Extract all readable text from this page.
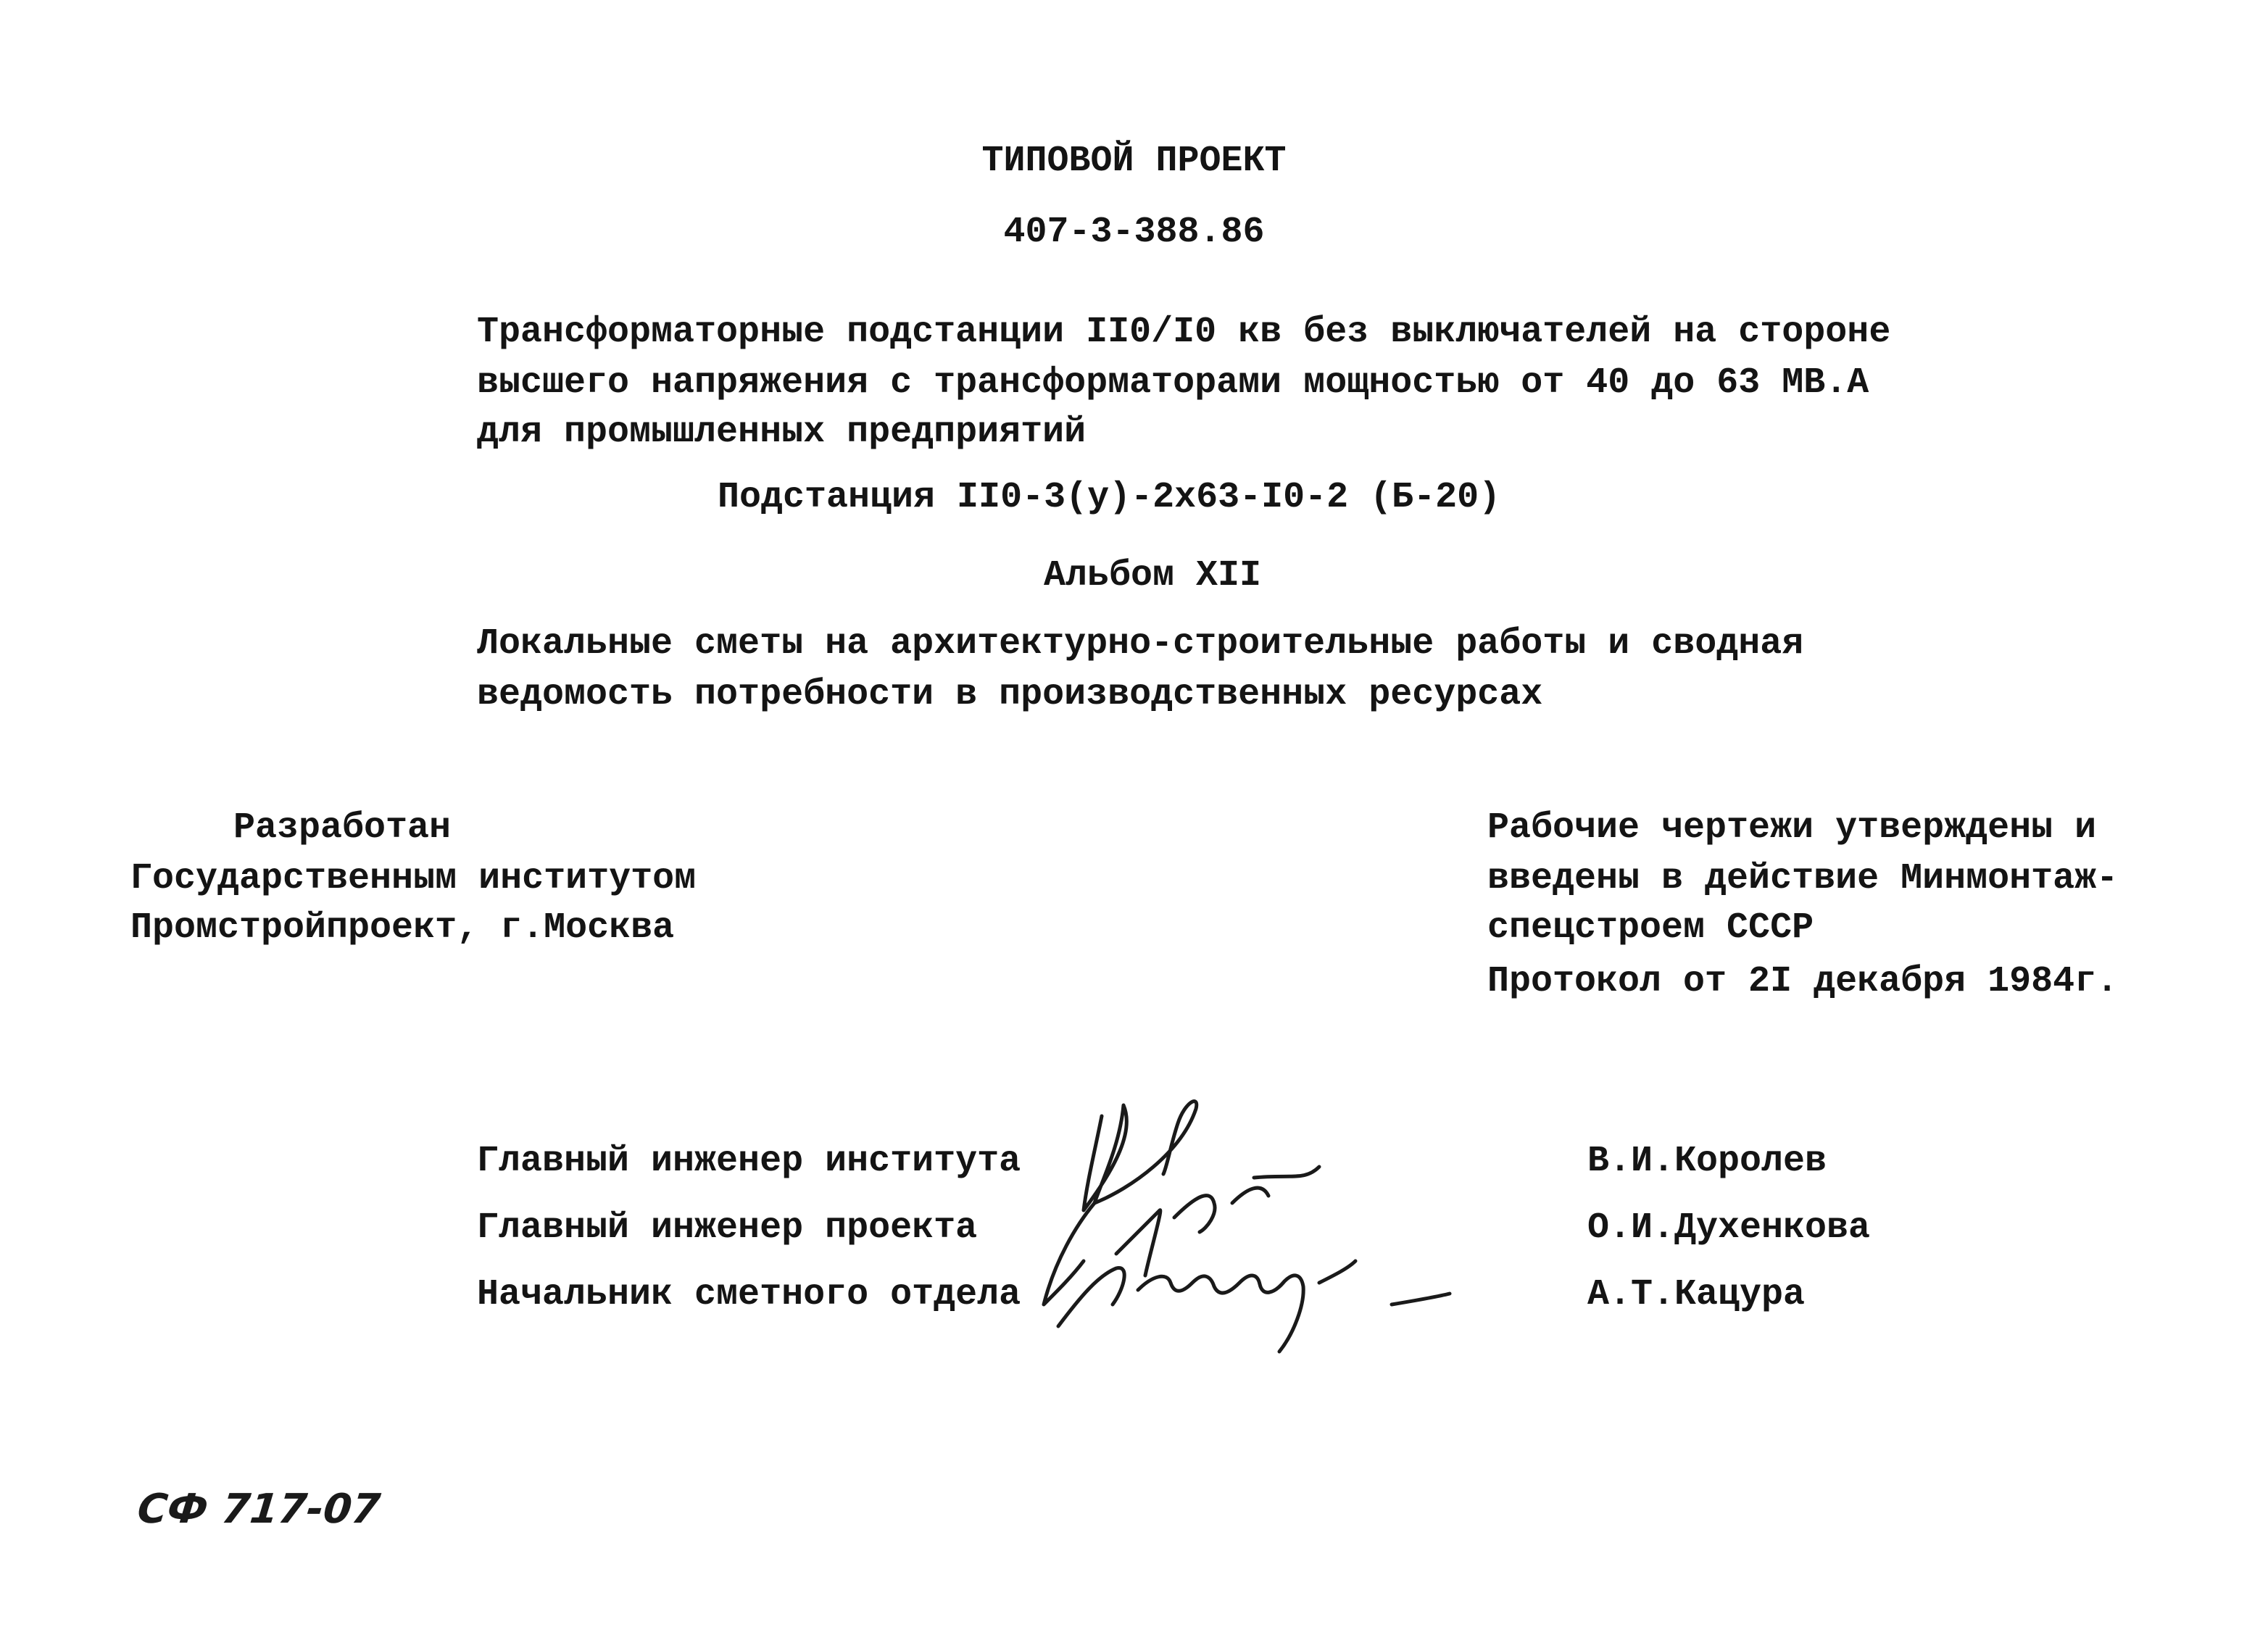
ТИПОВОЙ ПРОЕКТ
407-3-388.86
Трансформаторные подстанции II0/I0 кв без выключателей на стороне
высшего напряжения с трансформаторами мощностью от 40 до 63 МВ.А
для промышленных предприятий
Подстанция II0-3(у)-2х63-I0-2 (Б-20)
Альбом XII
Локальные сметы на архитектурно-строительные работы и сводная
ведомость потребности в производственных ресурсах
Разработан
Государственным институтом
Промстройпроект, г.Москва
Рабочие чертежи утверждены и
введены в действие Минмонтаж-
спецстроем СССР
Протокол от 2I декабря 1984г.
Главный инженер института
Главный инженер проекта
Начальник сметного отдела
В.И.Королев
О.И.Духенкова
А.Т.Кацура
СФ 717-07
